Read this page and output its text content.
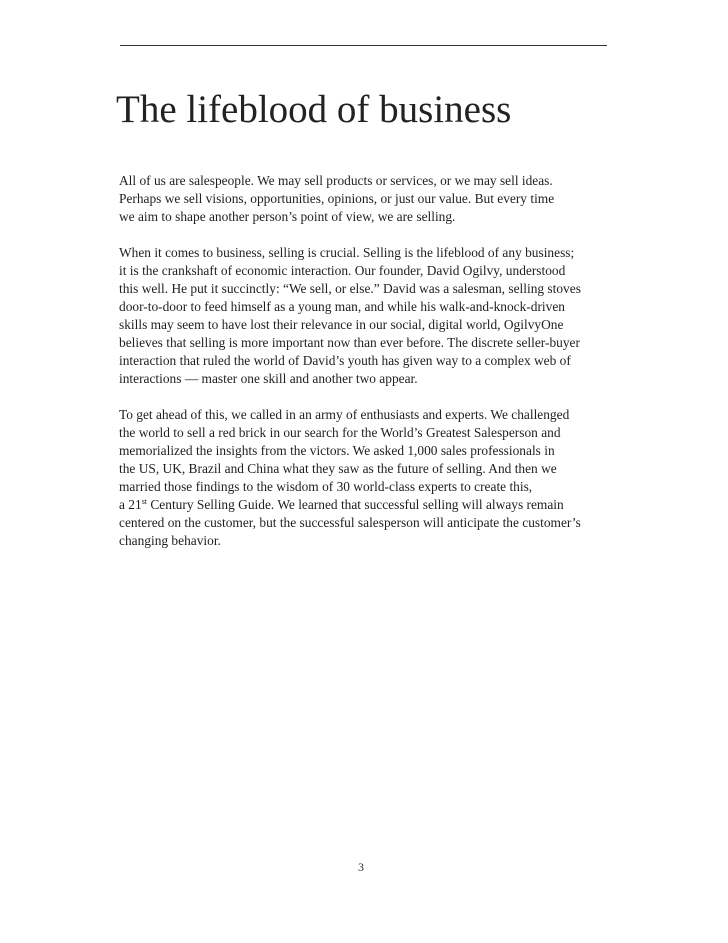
The lifeblood of business

All of us are salespeople. We may sell products or services, or we may sell ideas.
Perhaps we sell visions, opportunities, opinions, or just our value. But every time
we aim to shape another person’s point of view, we are selling.

When it comes to business, selling is crucial. Selling is the lifeblood of any business;
it is the crankshaft of economic interaction. Our founder, David Ogilvy, understood
this well. He put it succinctly: “We sell, or else.” David was a salesman, selling stoves
door-to-door to feed himself as a young man, and while his walk-and-knock-driven
skills may seem to have lost their relevance in our social, digital world, OgilvyOne
believes that selling is more important now than ever before. The discrete seller-buyer
interaction that ruled the world of David’s youth has given way to a complex web of
interactions — master one skill and another two appear.

To get ahead of this, we called in an army of enthusiasts and experts. We challenged
the world to sell a red brick in our search for the World’s Greatest Salesperson and
memorialized the insights from the victors. We asked 1,000 sales professionals in
the US, UK, Brazil and China what they saw as the future of selling. And then we
married those findings to the wisdom of 30 world-class experts to create this,
a 21st Century Selling Guide. We learned that successful selling will always remain
centered on the customer, but the successful salesperson will anticipate the customer’s
changing behavior.

3
